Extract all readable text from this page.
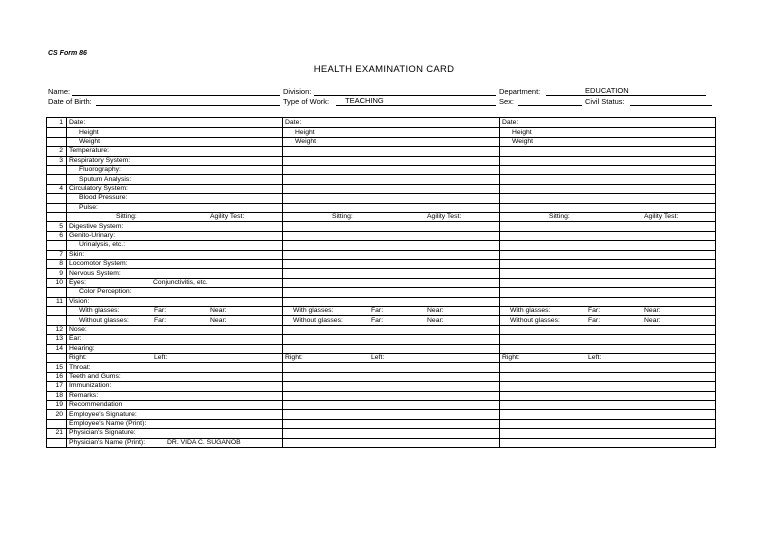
CS Form 86
HEALTH EXAMINATION CARD
Name:	Division:	Department:	EDUCATION
Date of Birth:	Type of Work: TEACHING	Sex:	Civil Status:
1 Date:	Date:	Date:
Height	Height	Height
Weight	Weight	Weight
2 Temperature:
3 Respiratory System:
Fluorography:
Sputum Analysis:
4 Circulatory System:
Blood Pressure:
Pulse:
Sitting:	Agility Test:	Sitting:	Agility Test:	Sitting:	Agility Test:
5 Digestive System:
6 Genito-Urinary:
Urinalysis, etc.:
7 Skin:
8 Locomotor System:
9 Nervous System:
10 Eyes:	Conjunctivitis, etc.
Color Perception:
11 Vision:
With glasses:	Far:	Near:	With glasses:	Far:	Near:	With glasses:	Far:	Near:
Without glasses:	Far:	Near:	Without glasses:	Far:	Near:	Without glasses:	Far:	Near:
12 Nose:
13 Ear:
14 Hearing:
Right:	Left:	Right:	Left:	Right:	Left:
15 Throat:
16 Teeth and Gums:
17 Immunization:
18 Remarks:
19 Recommendation
20 Employee's Signature:
Employee's Name (Print):
21 Physician's Signature:
Physician's Name (Print):	DR. VIDA C. SUGANOB
